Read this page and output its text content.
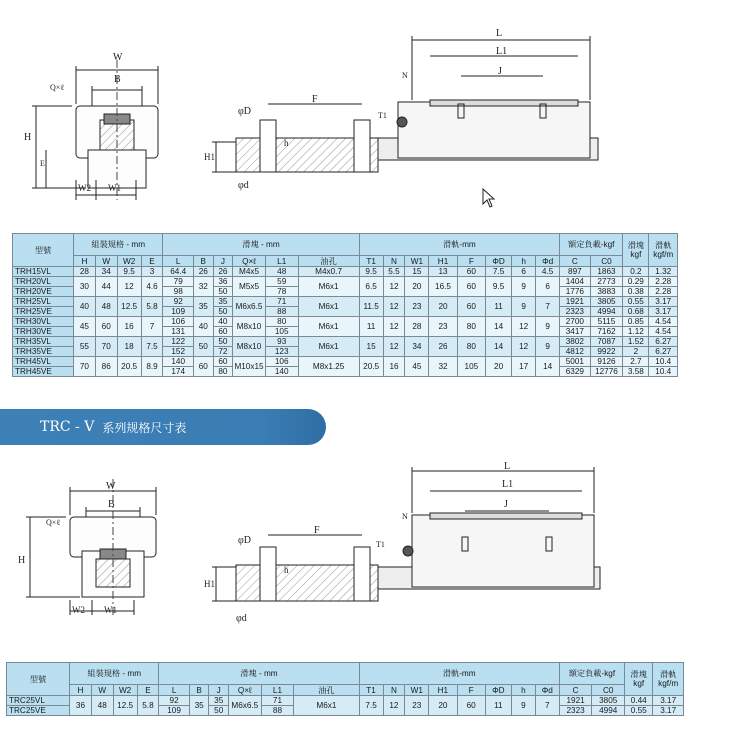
W
B
Q×ℓ
H
E
W2 W1
L
L1
J
F
φD
φd
T1
N
h
H1
型號	組裝規格 - mm				滑塊 - mm						滑軌-mm								額定負載-kgf		滑塊
kgf	滑軌
kgf/m
	H	W	W2	E	L	B	J	Q×ℓ	L1	油孔	T1	N	W1	H1	F	ΦD	h	Φd	C	C0		
TRH15VL	28	34	9.5	3	64.4	26	26	M4x5	48	M4x0.7	9.5	5.5	15	13	60	7.5	6	4.5	897	1863	0.2	1.32
TRH20VL	30	44	12	4.6	79	32	36	M5x5	59	M6x1	6.5	12	20	16.5	60	9.5	9	6	1404	2773	0.29	2.28
TRH20VE					98		50		78										1776	3883	0.38	2.28
TRH25VL	40	48	12.5	5.8	92	35	35	M6x6.5	71	M6x1	11.5	12	23	20	60	11	9	7	1921	3805	0.55	3.17
TRH25VE					109		50		88										2323	4994	0.68	3.17
TRH30VL	45	60	16	7	106	40	40	M8x10	80	M6x1	11	12	28	23	80	14	12	9	2700	5115	0.85	4.54
TRH30VE					131		60		105										3417	7162	1.12	4.54
TRH35VL	55	70	18	7.5	122	50	50	M8x10	93	M6x1	15	12	34	26	80	14	12	9	3802	7087	1.52	6.27
TRH35VE					152		72		123										4812	9922	2	6.27
TRH45VL	70	86	20.5	8.9	140	60	60	M10x15	106	M8x1.25	20.5	16	45	32	105	20	17	14	5001	9126	2.7	10.4
TRH45VE					174		80		140										6329	12776	3.58	10.4
TRC - V 系列规格尺寸表
W
B
Q×ℓ
H
W2 W1
L
L1
J
F
φD
φd
T1
N
h
H1
型號	組裝規格 - mm				滑塊 - mm						滑軌-mm								額定負載-kgf		滑塊
kgf	滑軌
kgf/m
	H	W	W2	E	L	B	J	Q×ℓ	L1	油孔	T1	N	W1	H1	F	ΦD	h	Φd	C	C0		
TRC25VL	36	48	12.5	5.8	92	35	35	M6x6.5	71	M6x1	7.5	12	23	20	60	11	9	7	1921	3805	0.44	3.17
TRC25VE					109		50		88										2323	4994	0.55	3.17
